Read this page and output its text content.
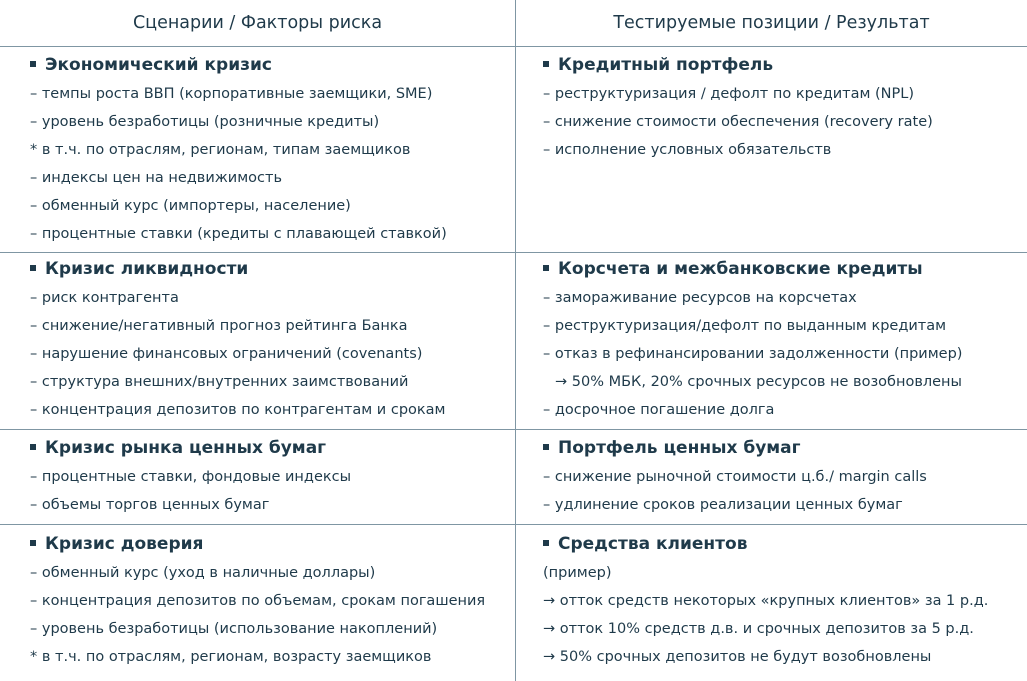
Сценарии / Факторы риска	Тестируемые позиции / Результат
Экономический кризис
– темпы роста ВВП (корпоративные заемщики, SME)
– уровень безработицы (розничные кредиты)
* в т.ч. по отраслям, регионам, типам заемщиков
– индексы цен на недвижимость
– обменный курс (импортеры, население)
– процентные ставки (кредиты с плавающей ставкой)
Кредитный портфель
– реструктуризация / дефолт по кредитам (NPL)
– снижение стоимости обеспечения (recovery rate)
– исполнение условных обязательств
Кризис ликвидности
– риск контрагента
– снижение/негативный прогноз рейтинга Банка
– нарушение финансовых ограничений (covenants)
– структура внешних/внутренних заимствований
– концентрация депозитов по контрагентам и срокам
Корсчета и межбанковские кредиты
– замораживание ресурсов на корсчетах
– реструктуризация/дефолт по выданным кредитам
– отказ в рефинансировании задолженности (пример)
→ 50% МБК, 20% срочных ресурсов не возобновлены
– досрочное погашение долга
Кризис рынка ценных бумаг
– процентные ставки, фондовые индексы
– объемы торгов ценных бумаг
Портфель ценных бумаг
– снижение рыночной стоимости ц.б./ margin calls
– удлинение сроков реализации ценных бумаг
Кризис доверия
– обменный курс (уход в наличные доллары)
– концентрация депозитов по объемам, срокам погашения
– уровень безработицы (использование накоплений)
* в т.ч. по отраслям, регионам, возрасту заемщиков
Средства клиентов
(пример)
→ отток средств некоторых «крупных клиентов» за 1 р.д.
→ отток 10% средств д.в. и срочных депозитов за 5 р.д.
→ 50% срочных депозитов не будут возобновлены
